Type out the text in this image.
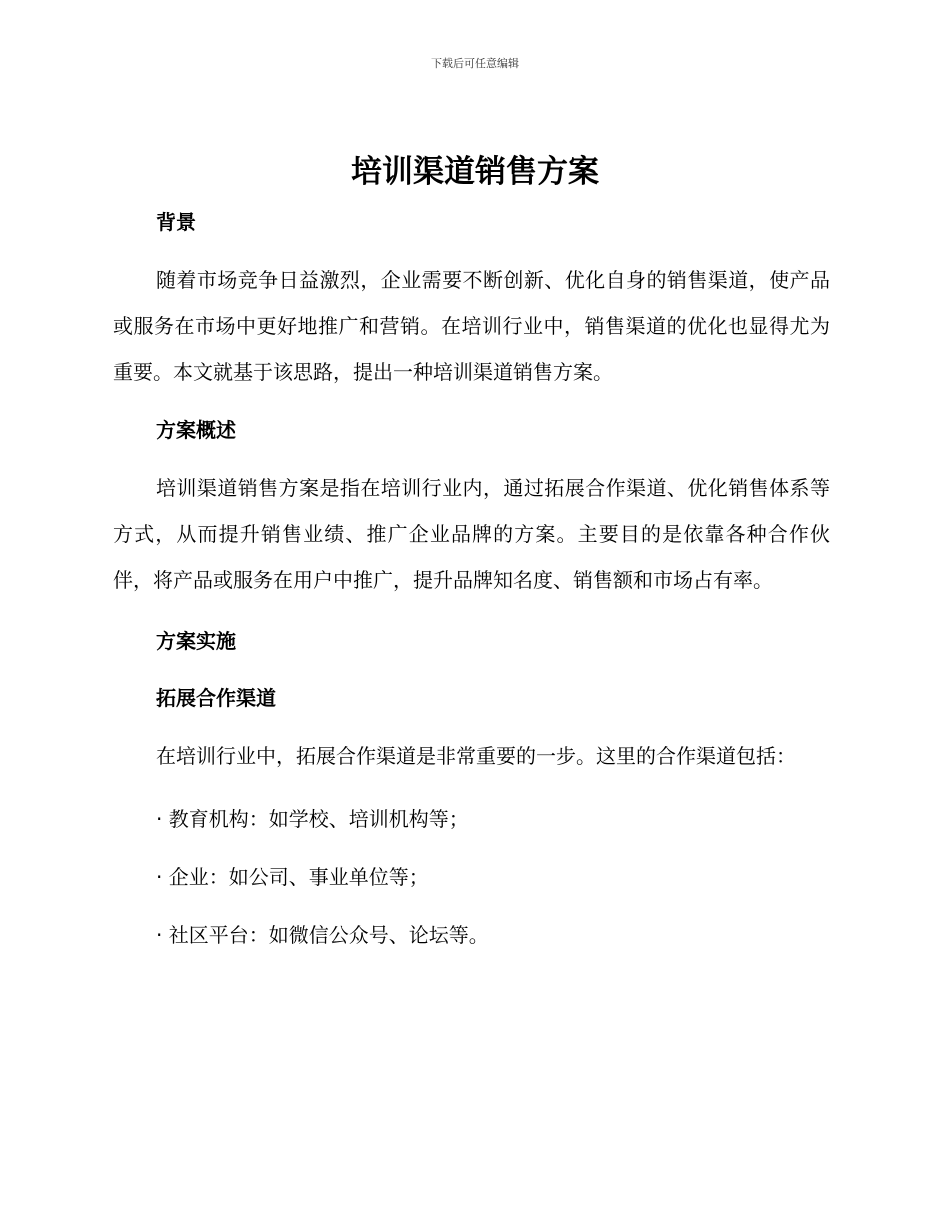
下载后可任意编辑
培训渠道销售方案
背景

随着市场竞争日益激烈，企业需要不断创新、优化自身的销售渠道，使产品或服务在市场中更好地推广和营销。在培训行业中，销售渠道的优化也显得尤为重要。本文就基于该思路，提出一种培训渠道销售方案。

方案概述

培训渠道销售方案是指在培训行业内，通过拓展合作渠道、优化销售体系等方式，从而提升销售业绩、推广企业品牌的方案。主要目的是依靠各种合作伙伴，将产品或服务在用户中推广，提升品牌知名度、销售额和市场占有率。

方案实施
拓展合作渠道

在培训行业中，拓展合作渠道是非常重要的一步。这里的合作渠道包括：

· 教育机构：如学校、培训机构等；

· 企业：如公司、事业单位等；

· 社区平台：如微信公众号、论坛等。
